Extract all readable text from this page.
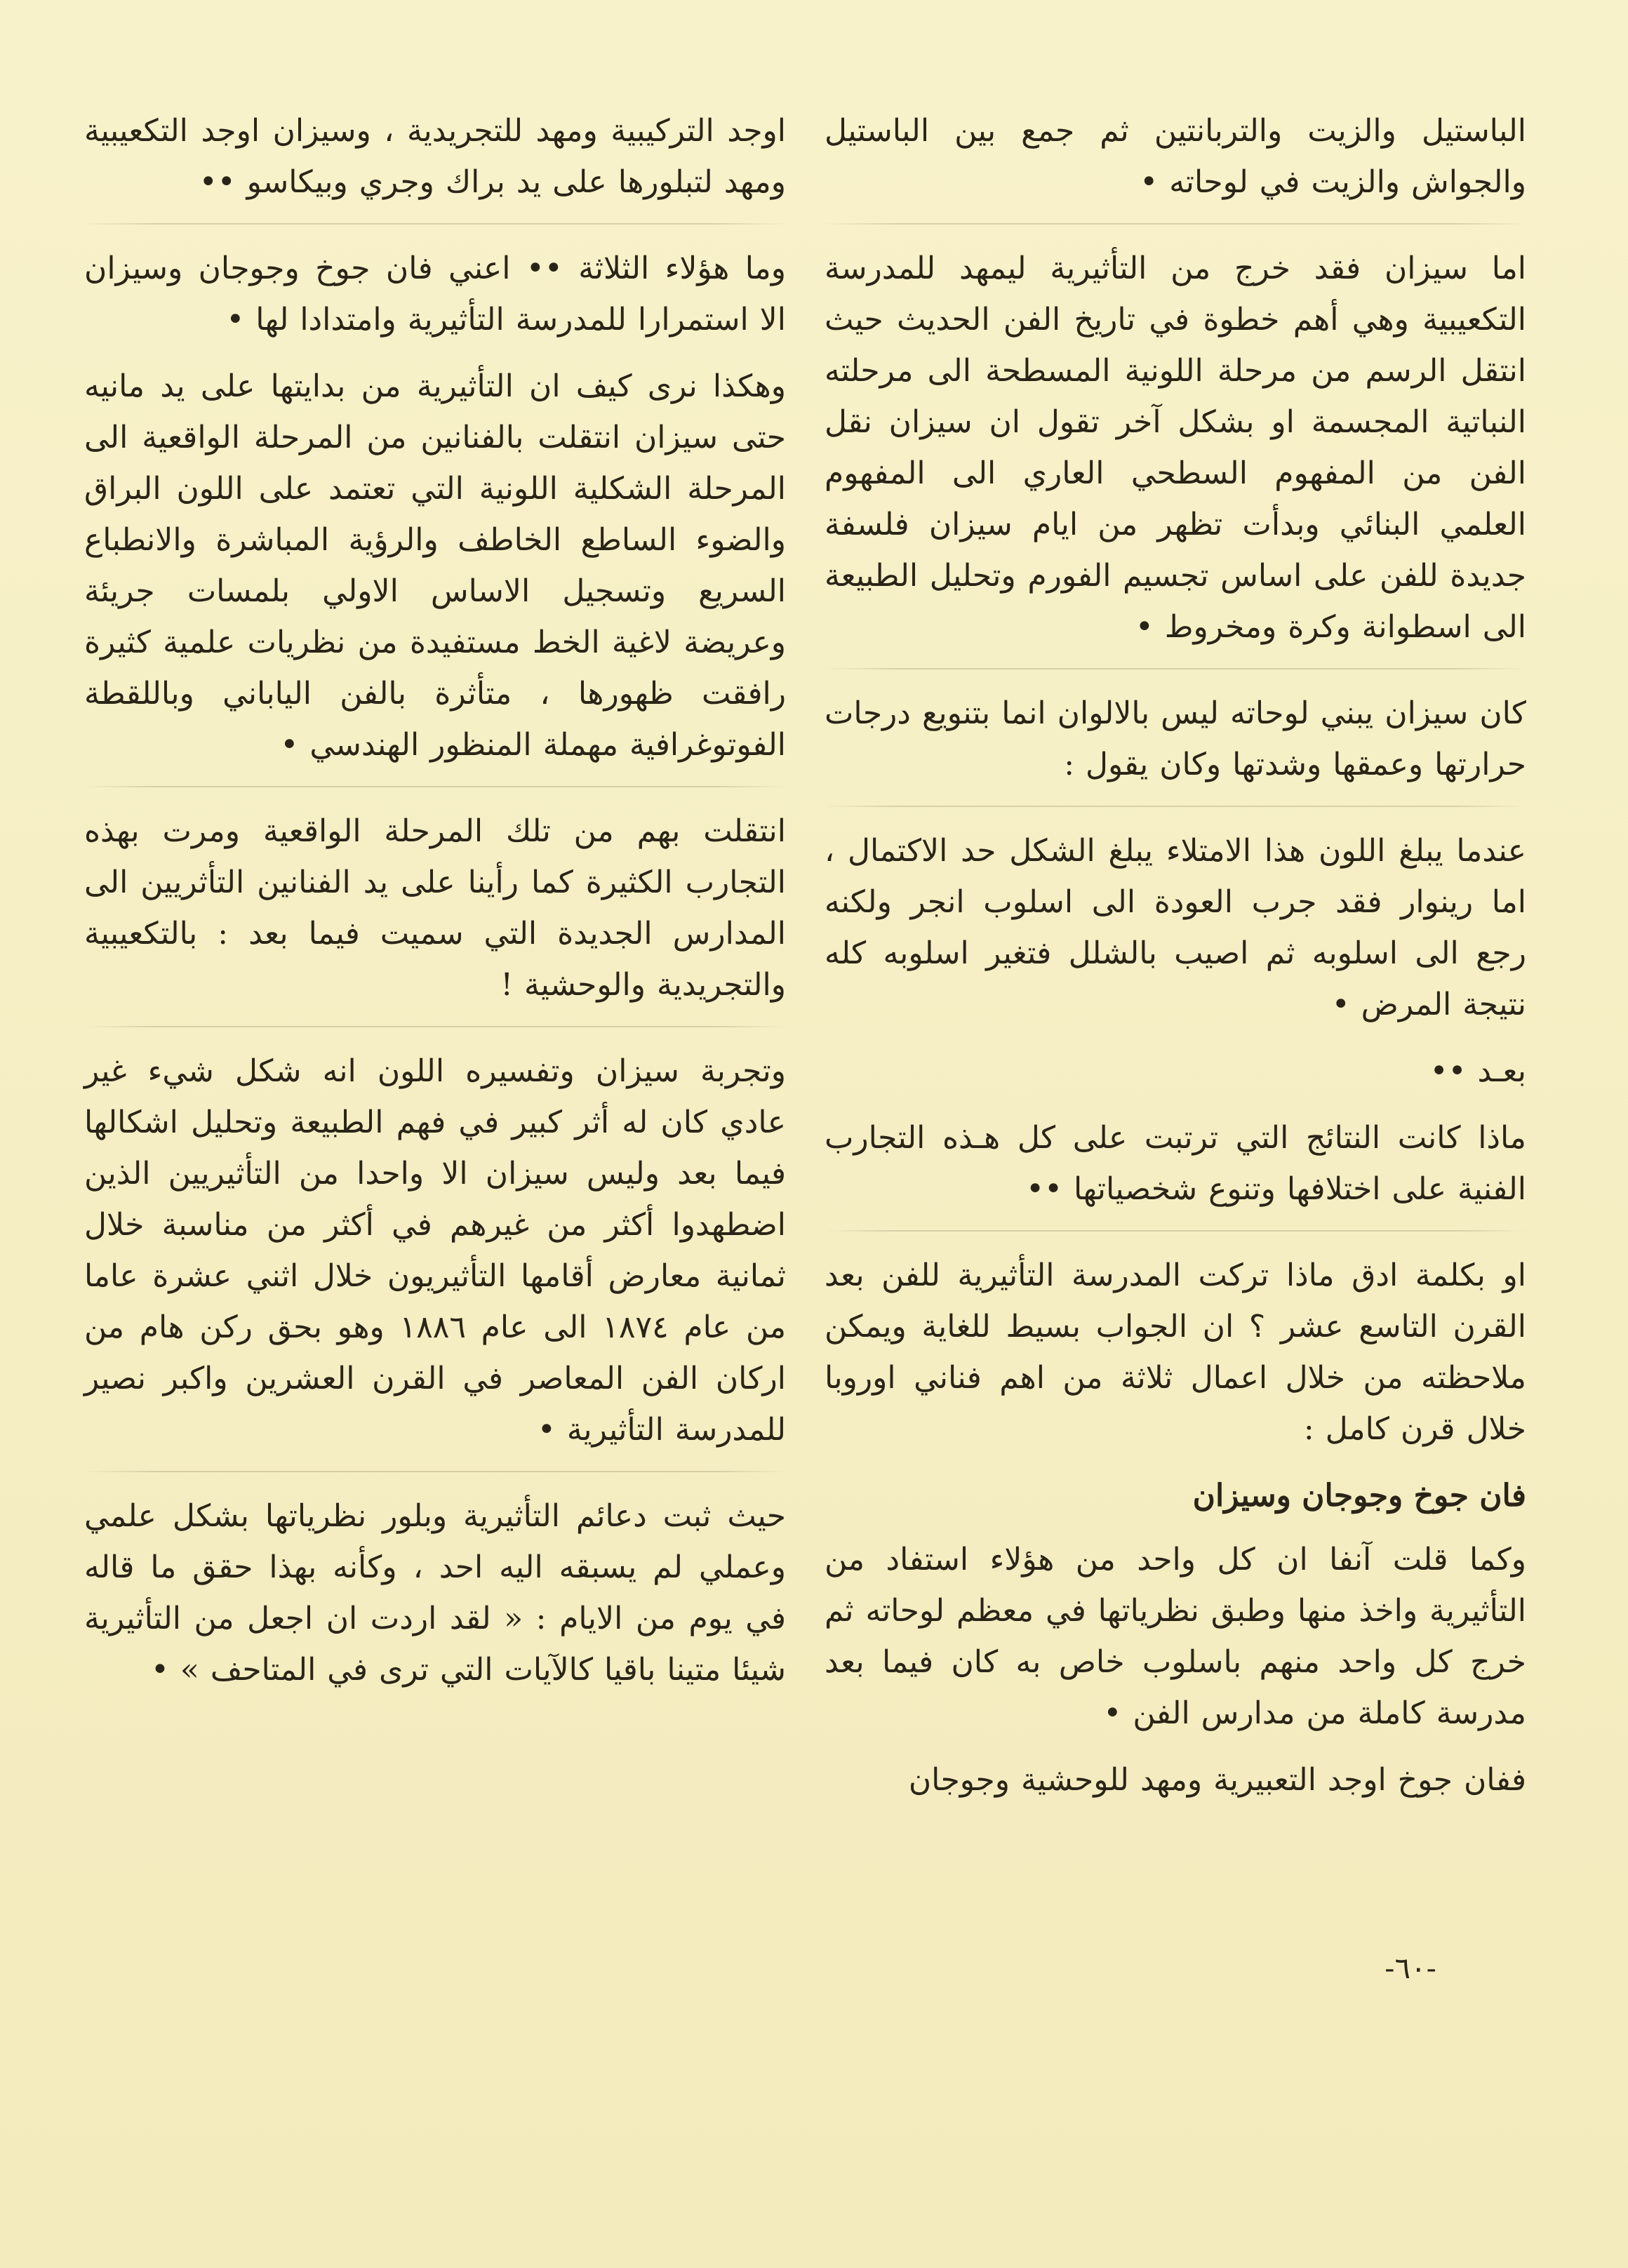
الباستيل والزيت والتربانتين ثم جمع بين الباستيل والجواش والزيت في لوحاته •

اما سيزان فقد خرج من التأثيرية ليمهد للمدرسة التكعيبية وهي أهم خطوة في تاريخ الفن الحديث حيث انتقل الرسم من مرحلة اللونية المسطحة الى مرحلته النباتية المجسمة او بشكل آخر تقول ان سيزان نقل الفن من المفهوم السطحي العاري الى المفهوم العلمي البنائي وبدأت تظهر من ايام سيزان فلسفة جديدة للفن على اساس تجسيم الفورم وتحليل الطبيعة الى اسطوانة وكرة ومخروط •

كان سيزان يبني لوحاته ليس بالالوان انما بتنويع درجات حرارتها وعمقها وشدتها وكان يقول :

عندما يبلغ اللون هذا الامتلاء يبلغ الشكل حد الاكتمال ، اما رينوار فقد جرب العودة الى اسلوب انجر ولكنه رجع الى اسلوبه ثم اصيب بالشلل فتغير اسلوبه كله نتيجة المرض •

بعـد ••

ماذا كانت النتائج التي ترتبت على كل هـذه التجارب الفنية على اختلافها وتنوع شخصياتها ••

او بكلمة ادق ماذا تركت المدرسة التأثيرية للفن بعد القرن التاسع عشر ؟ ان الجواب بسيط للغاية ويمكن ملاحظته من خلال اعمال ثلاثة من اهم فناني اوروبا خلال قرن كامل :

فان جوخ وجوجان وسيزان

وكما قلت آنفا ان كل واحد من هؤلاء استفاد من التأثيرية واخذ منها وطبق نظرياتها في معظم لوحاته ثم خرج كل واحد منهم باسلوب خاص به كان فيما بعد مدرسة كاملة من مدارس الفن •

ففان جوخ اوجد التعبيرية ومهد للوحشية وجوجان

اوجد التركيبية ومهد للتجريدية ، وسيزان اوجد التكعيبية ومهد لتبلورها على يد براك وجري وبيكاسو ••

وما هؤلاء الثلاثة •• اعني فان جوخ وجوجان وسيزان الا استمرارا للمدرسة التأثيرية وامتدادا لها •

وهكذا نرى كيف ان التأثيرية من بدايتها على يد مانيه حتى سيزان انتقلت بالفنانين من المرحلة الواقعية الى المرحلة الشكلية اللونية التي تعتمد على اللون البراق والضوء الساطع الخاطف والرؤية المباشرة والانطباع السريع وتسجيل الاساس الاولي بلمسات جريئة وعريضة لاغية الخط مستفيدة من نظريات علمية كثيرة رافقت ظهورها ، متأثرة بالفن الياباني وباللقطة الفوتوغرافية مهملة المنظور الهندسي •

انتقلت بهم من تلك المرحلة الواقعية ومرت بهذه التجارب الكثيرة كما رأينا على يد الفنانين التأثريين الى المدارس الجديدة التي سميت فيما بعد : بالتكعيبية والتجريدية والوحشية !

وتجربة سيزان وتفسيره اللون انه شكل شيء غير عادي كان له أثر كبير في فهم الطبيعة وتحليل اشكالها فيما بعد وليس سيزان الا واحدا من التأثيريين الذين اضطهدوا أكثر من غيرهم في أكثر من مناسبة خلال ثمانية معارض أقامها التأثيريون خلال اثني عشرة عاما من عام ١٨٧٤ الى عام ١٨٨٦ وهو بحق ركن هام من اركان الفن المعاصر في القرن العشرين واكبر نصير للمدرسة التأثيرية •

حيث ثبت دعائم التأثيرية وبلور نظرياتها بشكل علمي وعملي لم يسبقه اليه احد ، وكأنه بهذا حقق ما قاله في يوم من الايام : « لقد اردت ان اجعل من التأثيرية شيئا متينا باقيا كالآيات التي ترى في المتاحف » •

-٦٠-
